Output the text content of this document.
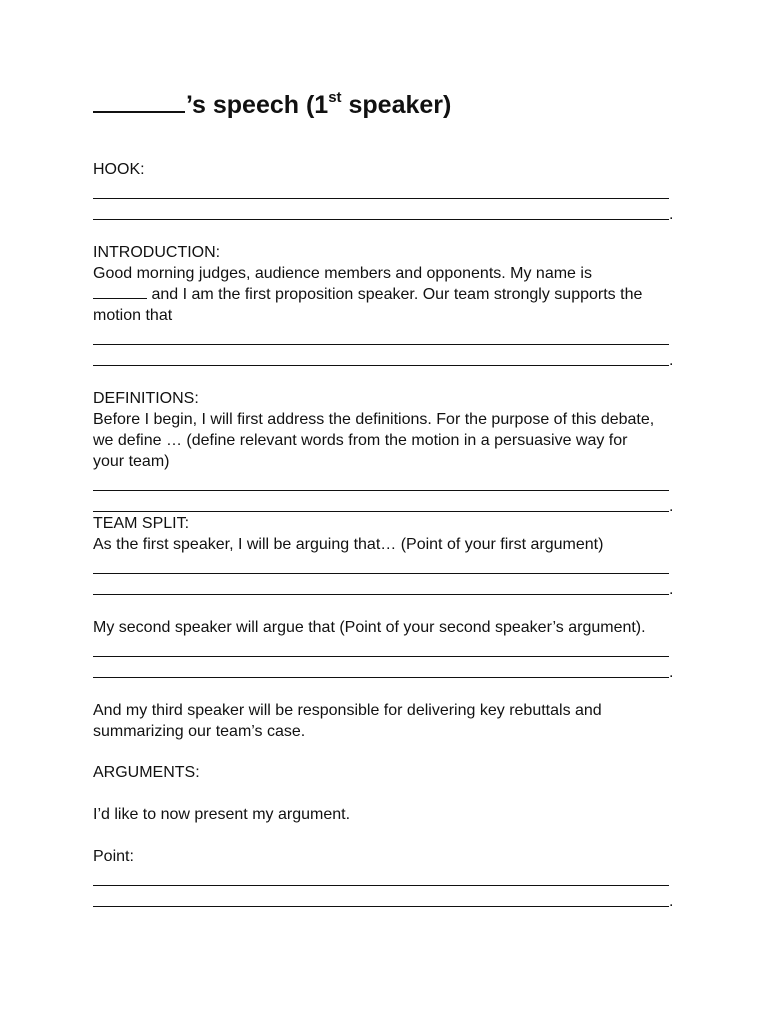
’s speech (1st speaker)

HOOK:

.

INTRODUCTION:

Good morning judges, audience members and opponents. My name is
and I am the first proposition speaker. Our team strongly supports the motion that

.

DEFINITIONS:

Before I begin, I will first address the definitions. For the purpose of this debate, we define … (define relevant words from the motion in a persuasive way for your team)

.

TEAM SPLIT:

As the first speaker, I will be arguing that… (Point of your first argument)

.

My second speaker will argue that (Point of your second speaker’s argument).

.

And my third speaker will be responsible for delivering key rebuttals and summarizing our team’s case.

ARGUMENTS:

I’d like to now present my argument.

Point:

.
